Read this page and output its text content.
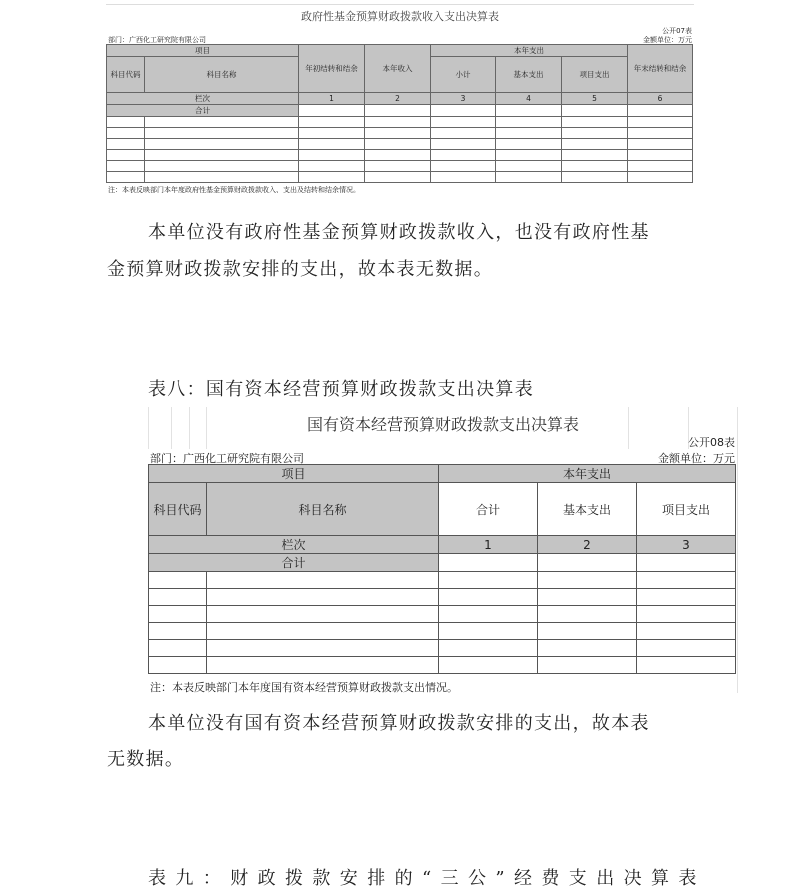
政府性基金预算财政拨款收入支出决算表
公开07表
部门：广西化工研究院有限公司	金额单位：万元
项目		年初结转和结余	本年收入	本年支出			年末结转和结余
科目代码	科目名称			小计	基本支出	项目支出	

栏次		1	2	3	4	5	6
合计							

注：本表反映部门本年度政府性基金预算财政拨款收入、支出及结转和结余情况。
本单位没有政府性基金预算财政拨款收入，也没有政府性基
金预算财政拨款安排的支出，故本表无数据。
表八：国有资本经营预算财政拨款支出决算表
国有资本经营预算财政拨款支出决算表
公开08表
部门：广西化工研究院有限公司	金额单位：万元
项目		本年支出		
科目代码	科目名称	合计	基本支出	项目支出
栏次		1	2	3
合计				

注：本表反映部门本年度国有资本经营预算财政拨款支出情况。
本单位没有国有资本经营预算财政拨款安排的支出，故本表
无数据。
表九：财政拨款安排的“三公”经费支出决算表
